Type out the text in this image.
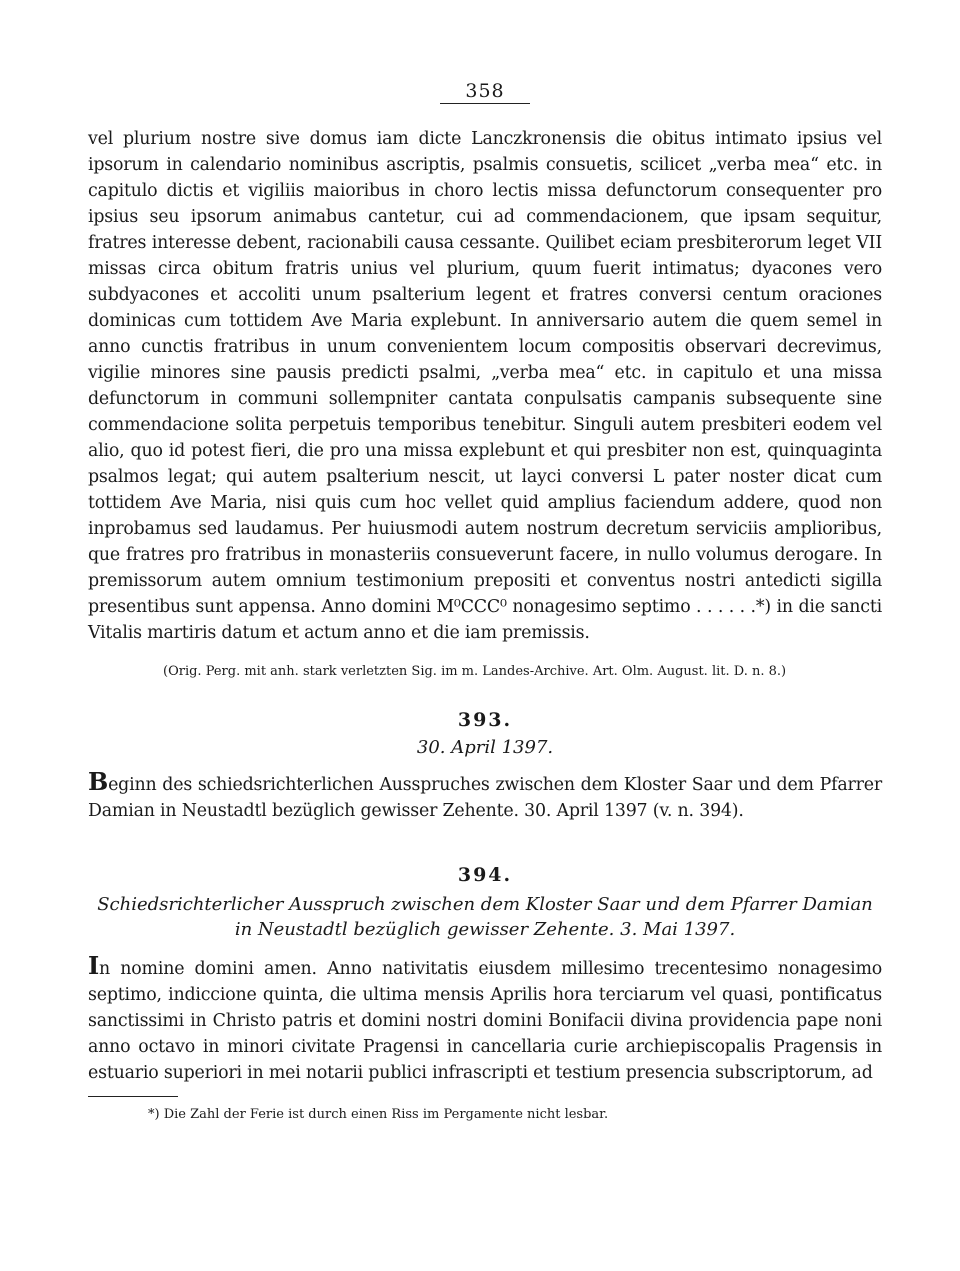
358

vel plurium nostre sive domus iam dicte Lanczkronensis die obitus intimato ipsius vel ipsorum in calendario nominibus ascriptis, psalmis consuetis, scilicet „verba mea“ etc. in capitulo dictis et vigiliis maioribus in choro lectis missa defunctorum consequenter pro ipsius seu ipsorum animabus cantetur, cui ad commendacionem, que ipsam sequitur, fratres interesse debent, racionabili causa cessante. Quilibet eciam presbiterorum leget VII missas circa obitum fratris unius vel plurium, quum fuerit intimatus; dyacones vero subdyacones et accoliti unum psalterium legent et fratres conversi centum oraciones dominicas cum tottidem Ave Maria explebunt. In anniversario autem die quem semel in anno cunctis fratribus in unum convenientem locum compositis observari decrevimus, vigilie minores sine pausis predicti psalmi, „verba mea“ etc. in capitulo et una missa defunctorum in communi sollempniter cantata conpulsatis campanis subsequente sine commendacione solita perpetuis temporibus tenebitur. Singuli autem presbiteri eodem vel alio, quo id potest fieri, die pro una missa explebunt et qui presbiter non est, quinquaginta psalmos legat; qui autem psalterium nescit, ut layci conversi L pater noster dicat cum tottidem Ave Maria, nisi quis cum hoc vellet quid amplius faciendum addere, quod non inprobamus sed laudamus. Per huiusmodi autem nostrum decretum serviciis amplioribus, que fratres pro fratribus in monasteriis consueverunt facere, in nullo volumus derogare. In premissorum autem omnium testimonium prepositi et conventus nostri antedicti sigilla presentibus sunt appensa. Anno domini M⁰CCC⁰ nonagesimo septimo . . . . . .*) in die sancti Vitalis martiris datum et actum anno et die iam premissis.

(Orig. Perg. mit anh. stark verletzten Sig. im m. Landes-Archive. Art. Olm. August. lit. D. n. 8.)

393.
30. April 1397.

Beginn des schiedsrichterlichen Ausspruches zwischen dem Kloster Saar und dem Pfarrer Damian in Neustadtl bezüglich gewisser Zehente. 30. April 1397 (v. n. 394).

394.
Schiedsrichterlicher Ausspruch zwischen dem Kloster Saar und dem Pfarrer Damian in Neustadtl bezüglich gewisser Zehente. 3. Mai 1397.

In nomine domini amen. Anno nativitatis eiusdem millesimo trecentesimo nonagesimo septimo, indiccione quinta, die ultima mensis Aprilis hora terciarum vel quasi, pontificatus sanctissimi in Christo patris et domini nostri domini Bonifacii divina providencia pape noni anno octavo in minori civitate Pragensi in cancellaria curie archiepiscopalis Pragensis in estuario superiori in mei notarii publici infrascripti et testium presencia subscriptorum, ad

*) Die Zahl der Ferie ist durch einen Riss im Pergamente nicht lesbar.
